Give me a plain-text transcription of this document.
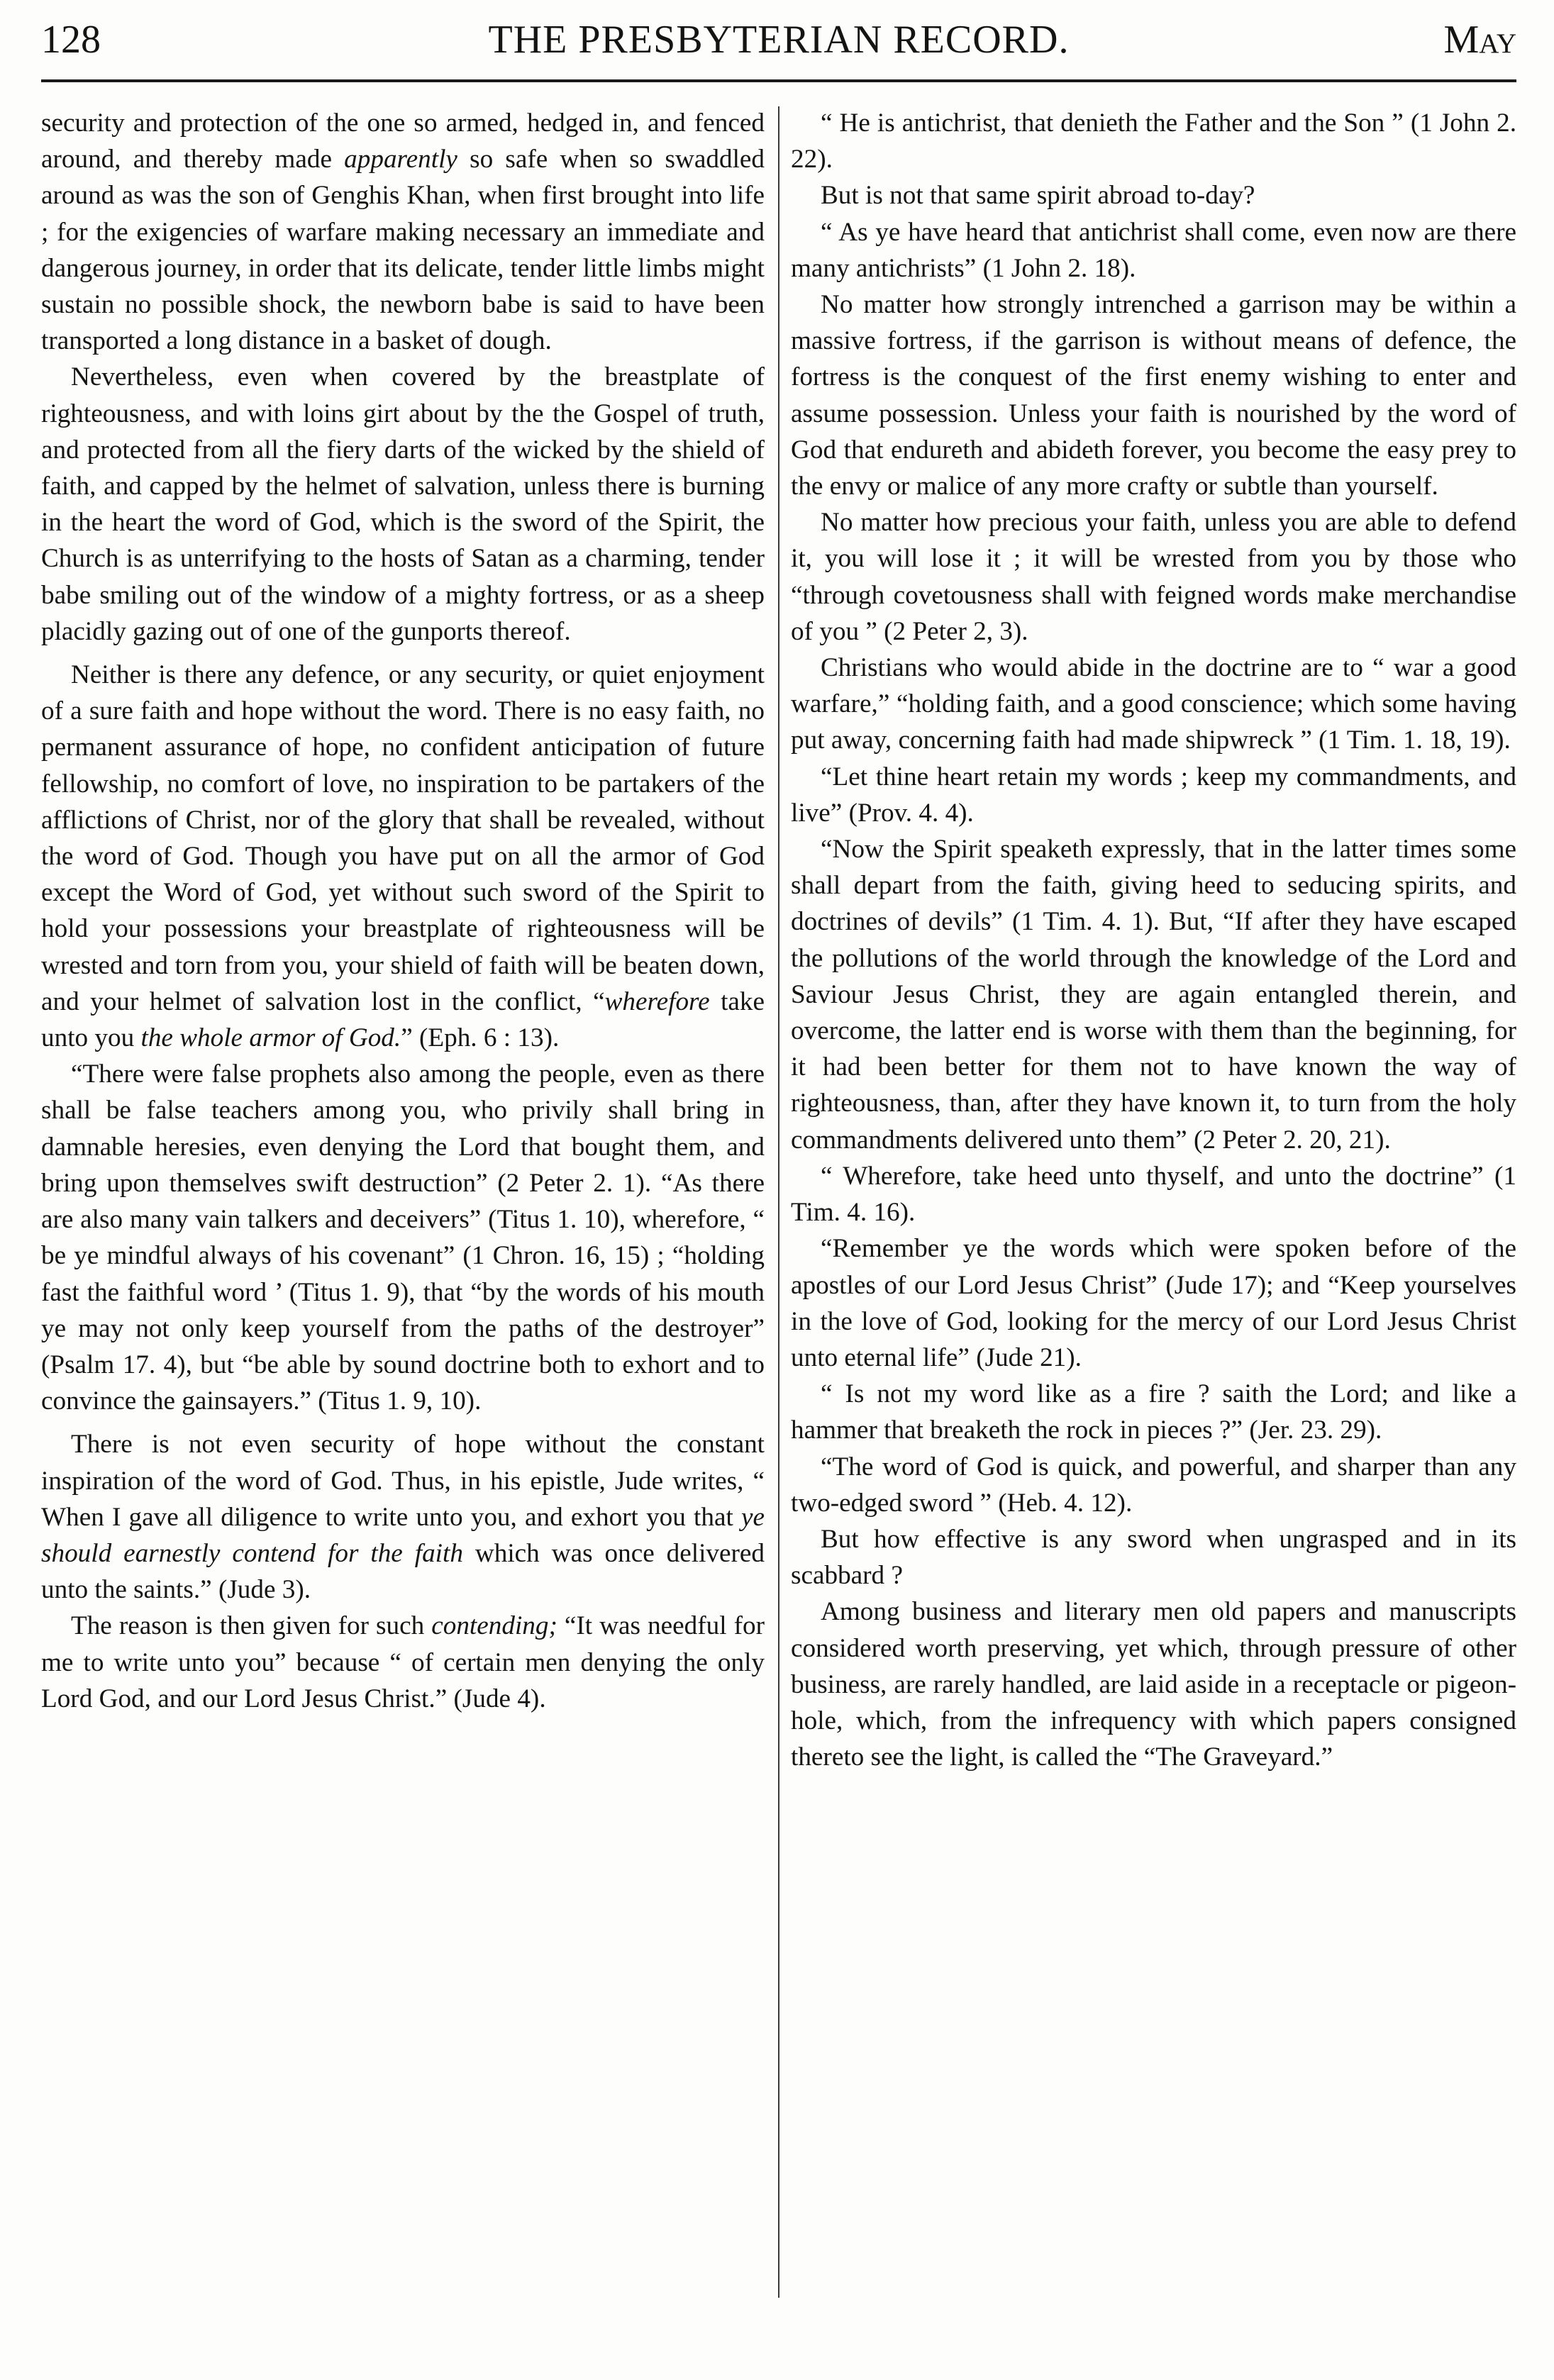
128	THE PRESBYTERIAN RECORD.	May

security and protection of the one so armed, hedged in, and fenced around, and thereby made apparently so safe when so swaddled around as was the son of Genghis Khan, when first brought into life ; for the exigencies of warfare making necessary an immediate and dangerous journey, in order that its delicate, tender little limbs might sustain no possible shock, the newborn babe is said to have been transported a long distance in a basket of dough.

Nevertheless, even when covered by the breastplate of righteousness, and with loins girt about by the the Gospel of truth, and protected from all the fiery darts of the wicked by the shield of faith, and capped by the helmet of salvation, unless there is burning in the heart the word of God, which is the sword of the Spirit, the Church is as unterrifying to the hosts of Satan as a charming, tender babe smiling out of the window of a mighty fortress, or as a sheep placidly gazing out of one of the gunports thereof.

Neither is there any defence, or any security, or quiet enjoyment of a sure faith and hope without the word. There is no easy faith, no permanent assurance of hope, no confident anticipation of future fellowship, no comfort of love, no inspiration to be partakers of the afflictions of Christ, nor of the glory that shall be revealed, without the word of God. Though you have put on all the armor of God except the Word of God, yet without such sword of the Spirit to hold your possessions your breastplate of righteousness will be wrested and torn from you, your shield of faith will be beaten down, and your helmet of salvation lost in the conflict, “wherefore take unto you the whole armor of God.” (Eph. 6 : 13).

“There were false prophets also among the people, even as there shall be false teachers among you, who privily shall bring in damnable heresies, even denying the Lord that bought them, and bring upon themselves swift destruction” (2 Peter 2. 1). “As there are also many vain talkers and deceivers” (Titus 1. 10), wherefore, “ be ye mindful always of his covenant” (1 Chron. 16, 15) ; “holding fast the faithful word ’ (Titus 1. 9), that “by the words of his mouth ye may not only keep yourself from the paths of the destroyer” (Psalm 17. 4), but “be able by sound doctrine both to exhort and to convince the gainsayers.” (Titus 1. 9, 10).

There is not even security of hope without the constant inspiration of the word of God. Thus, in his epistle, Jude writes, “ When I gave all diligence to write unto you, and exhort you that ye should earnestly contend for the faith which was once delivered unto the saints.” (Jude 3).

The reason is then given for such contending; “It was needful for me to write unto you” because “ of certain men denying the only Lord God, and our Lord Jesus Christ.” (Jude 4).

“ He is antichrist, that denieth the Father and the Son ” (1 John 2. 22).

But is not that same spirit abroad to-day?

“ As ye have heard that antichrist shall come, even now are there many antichrists” (1 John 2. 18).

No matter how strongly intrenched a garrison may be within a massive fortress, if the garrison is without means of defence, the fortress is the conquest of the first enemy wishing to enter and assume possession. Unless your faith is nourished by the word of God that endureth and abideth forever, you become the easy prey to the envy or malice of any more crafty or subtle than yourself.

No matter how precious your faith, unless you are able to defend it, you will lose it ; it will be wrested from you by those who “through covetousness shall with feigned words make merchandise of you ” (2 Peter 2, 3).

Christians who would abide in the doctrine are to “ war a good warfare,” “holding faith, and a good conscience; which some having put away, concerning faith had made shipwreck ” (1 Tim. 1. 18, 19).

“Let thine heart retain my words ; keep my commandments, and live” (Prov. 4. 4).

“Now the Spirit speaketh expressly, that in the latter times some shall depart from the faith, giving heed to seducing spirits, and doctrines of devils” (1 Tim. 4. 1). But, “If after they have escaped the pollutions of the world through the knowledge of the Lord and Saviour Jesus Christ, they are again entangled therein, and overcome, the latter end is worse with them than the beginning, for it had been better for them not to have known the way of righteousness, than, after they have known it, to turn from the holy commandments delivered unto them” (2 Peter 2. 20, 21).

“ Wherefore, take heed unto thyself, and unto the doctrine” (1 Tim. 4. 16).

“Remember ye the words which were spoken before of the apostles of our Lord Jesus Christ” (Jude 17); and “Keep yourselves in the love of God, looking for the mercy of our Lord Jesus Christ unto eternal life” (Jude 21).

“ Is not my word like as a fire ? saith the Lord; and like a hammer that breaketh the rock in pieces ?” (Jer. 23. 29).

“The word of God is quick, and powerful, and sharper than any two-edged sword ” (Heb. 4. 12).

But how effective is any sword when ungrasped and in its scabbard ?

Among business and literary men old papers and manuscripts considered worth preserving, yet which, through pressure of other business, are rarely handled, are laid aside in a receptacle or pigeon-hole, which, from the infrequency with which papers consigned thereto see the light, is called the “The Graveyard.”
